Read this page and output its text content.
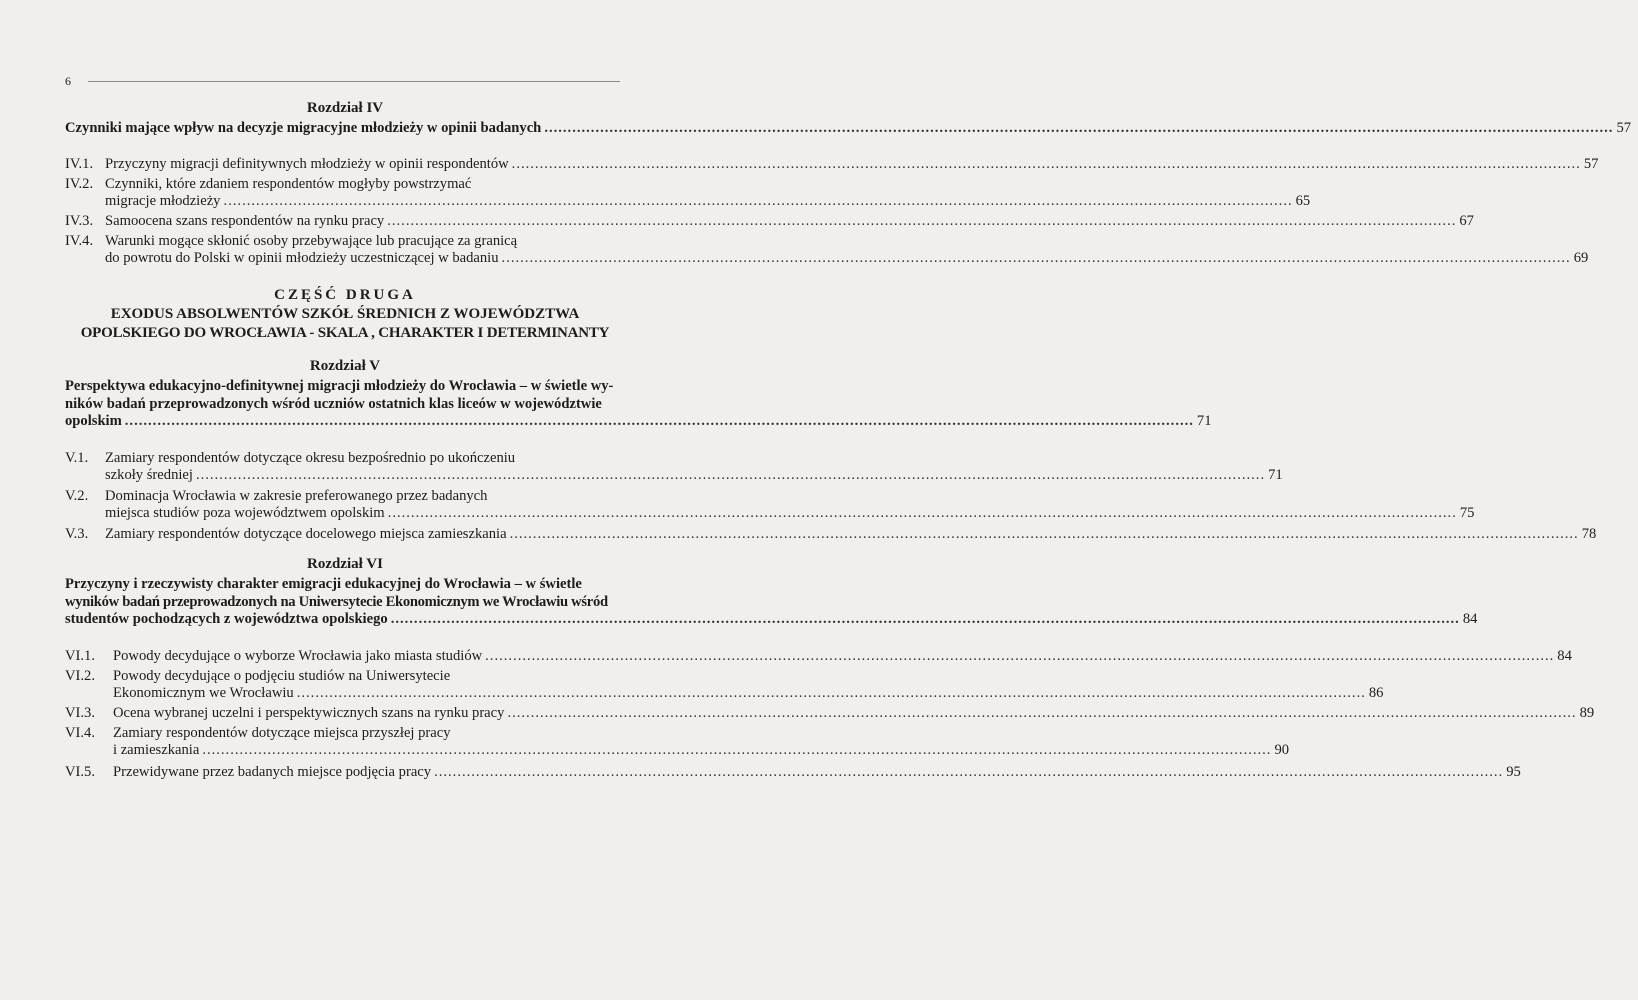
6
Rozdział IV
Czynniki mające wpływ na decyzje migracyjne młodzieży w opinii badanych .....	57
IV.1. Przyczyny migracji definitywnych młodzieży w opinii respondentów .....	57
IV.2. Czynniki, które zdaniem respondentów mogłyby powstrzymać
migracje młodzieży .....	65
IV.3. Samoocena szans respondentów na rynku pracy .....	67
IV.4. Warunki mogące skłonić osoby przebywające lub pracujące za granicą
do powrotu do Polski w opinii młodzieży uczestniczącej w badaniu .....	69
CZĘŚĆ DRUGA
EXODUS ABSOLWENTÓW SZKÓŁ ŚREDNICH Z WOJEWÓDZTWA
OPOLSKIEGO DO WROCŁAWIA - SKALA , CHARAKTER I DETERMINANTY
Rozdział V
Perspektywa edukacyjno-definitywnej migracji młodzieży do Wrocławia – w świetle wy-
ników badań przeprowadzonych wśród uczniów ostatnich klas liceów w województwie
opolskim .....	71
V.1.	Zamiary respondentów dotyczące okresu bezpośrednio po ukończeniu
szkoły średniej .....	71
V.2.	Dominacja Wrocławia w zakresie preferowanego przez badanych
miejsca studiów poza województwem opolskim .....	75
V.3.	Zamiary respondentów dotyczące docelowego miejsca zamieszkania .....	78
Rozdział VI
Przyczyny i rzeczywisty charakter emigracji edukacyjnej do Wrocławia – w świetle
wyników badań przeprowadzonych na Uniwersytecie Ekonomicznym we Wrocławiu wśród
studentów pochodzących z województwa opolskiego .....	84
VI.1.	Powody decydujące o wyborze Wrocławia jako miasta studiów .....	84
VI.2.	Powody decydujące o podjęciu studiów na Uniwersytecie
Ekonomicznym we Wrocławiu .....	86
VI.3.	Ocena wybranej uczelni i perspektywicznych szans na rynku pracy .....	89
VI.4.	Zamiary respondentów dotyczące miejsca przyszłej pracy
i zamieszkania .....	90
VI.5.	Przewidywane przez badanych miejsce podjęcia pracy .....	95
